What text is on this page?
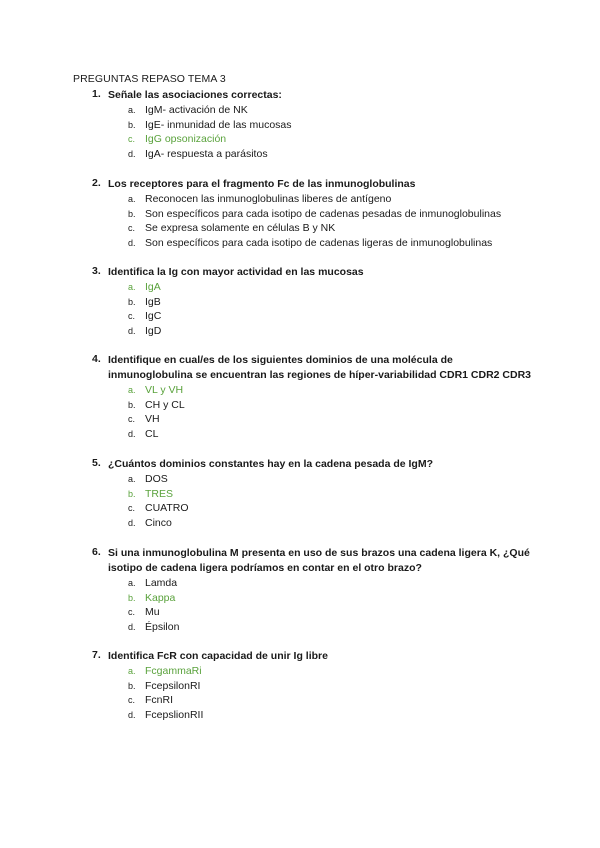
PREGUNTAS REPASO TEMA 3
1. Señale las asociaciones correctas:
a. IgM- activación de NK
b. IgE- inmunidad de las mucosas
c. IgG opsonización
d. IgA- respuesta a parásitos
2. Los receptores para el fragmento Fc de las inmunoglobulinas
a. Reconocen las inmunoglobulinas liberes de antígeno
b. Son específicos para cada isotipo de cadenas pesadas de inmunoglobulinas
c. Se expresa solamente en células B y NK
d. Son específicos para cada isotipo de cadenas ligeras de inmunoglobulinas
3. Identifica la Ig con mayor actividad en las mucosas
a. IgA
b. IgB
c. IgC
d. IgD
4. Identifique en cual/es de los siguientes dominios de una molécula de inmunoglobulina se encuentran las regiones de híper-variabilidad CDR1 CDR2 CDR3
a. VL y VH
b. CH y CL
c. VH
d. CL
5. ¿Cuántos dominios constantes hay en la cadena pesada de IgM?
a. DOS
b. TRES
c. CUATRO
d. Cinco
6. Si una inmunoglobulina M presenta en uso de sus brazos una cadena ligera K, ¿Qué isotipo de cadena ligera podríamos en contar en el otro brazo?
a. Lamda
b. Kappa
c. Mu
d. Épsilon
7. Identifica FcR con capacidad de unir Ig libre
a. FcgammaRi
b. FcepsilonRI
c. FcnRI
d. FcepslionRII
